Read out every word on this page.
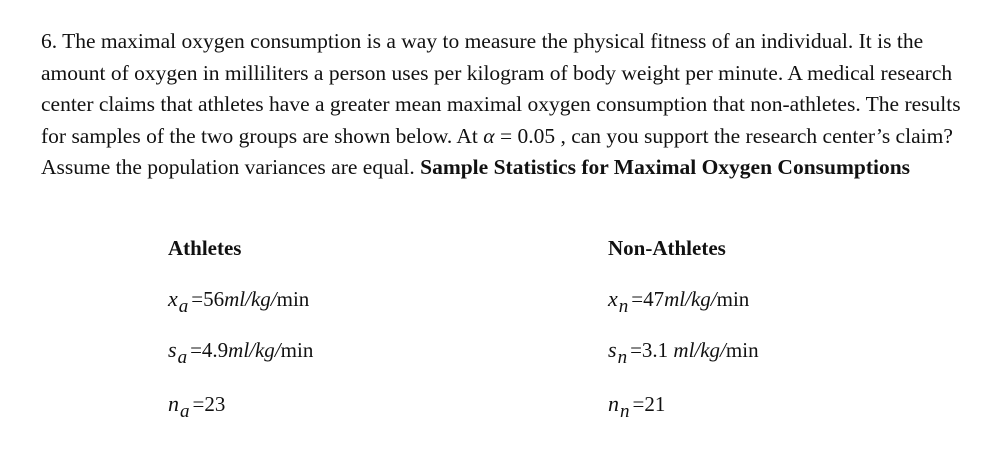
6. The maximal oxygen consumption is a way to measure the physical fitness of an individual. It is the amount of oxygen in milliliters a person uses per kilogram of body weight per minute. A medical research center claims that athletes have a greater mean maximal oxygen consumption that non-athletes. The results for samples of the two groups are shown below. At α = 0.05 , can you support the research center’s claim? Assume the population variances are equal. Sample Statistics for Maximal Oxygen Consumptions

Athletes
xa =56ml/kg/min
sa =4.9ml/kg/min
na =23
Non-Athletes
xn =47ml/kg/min
sn =3.1 ml/kg/min
nn =21
